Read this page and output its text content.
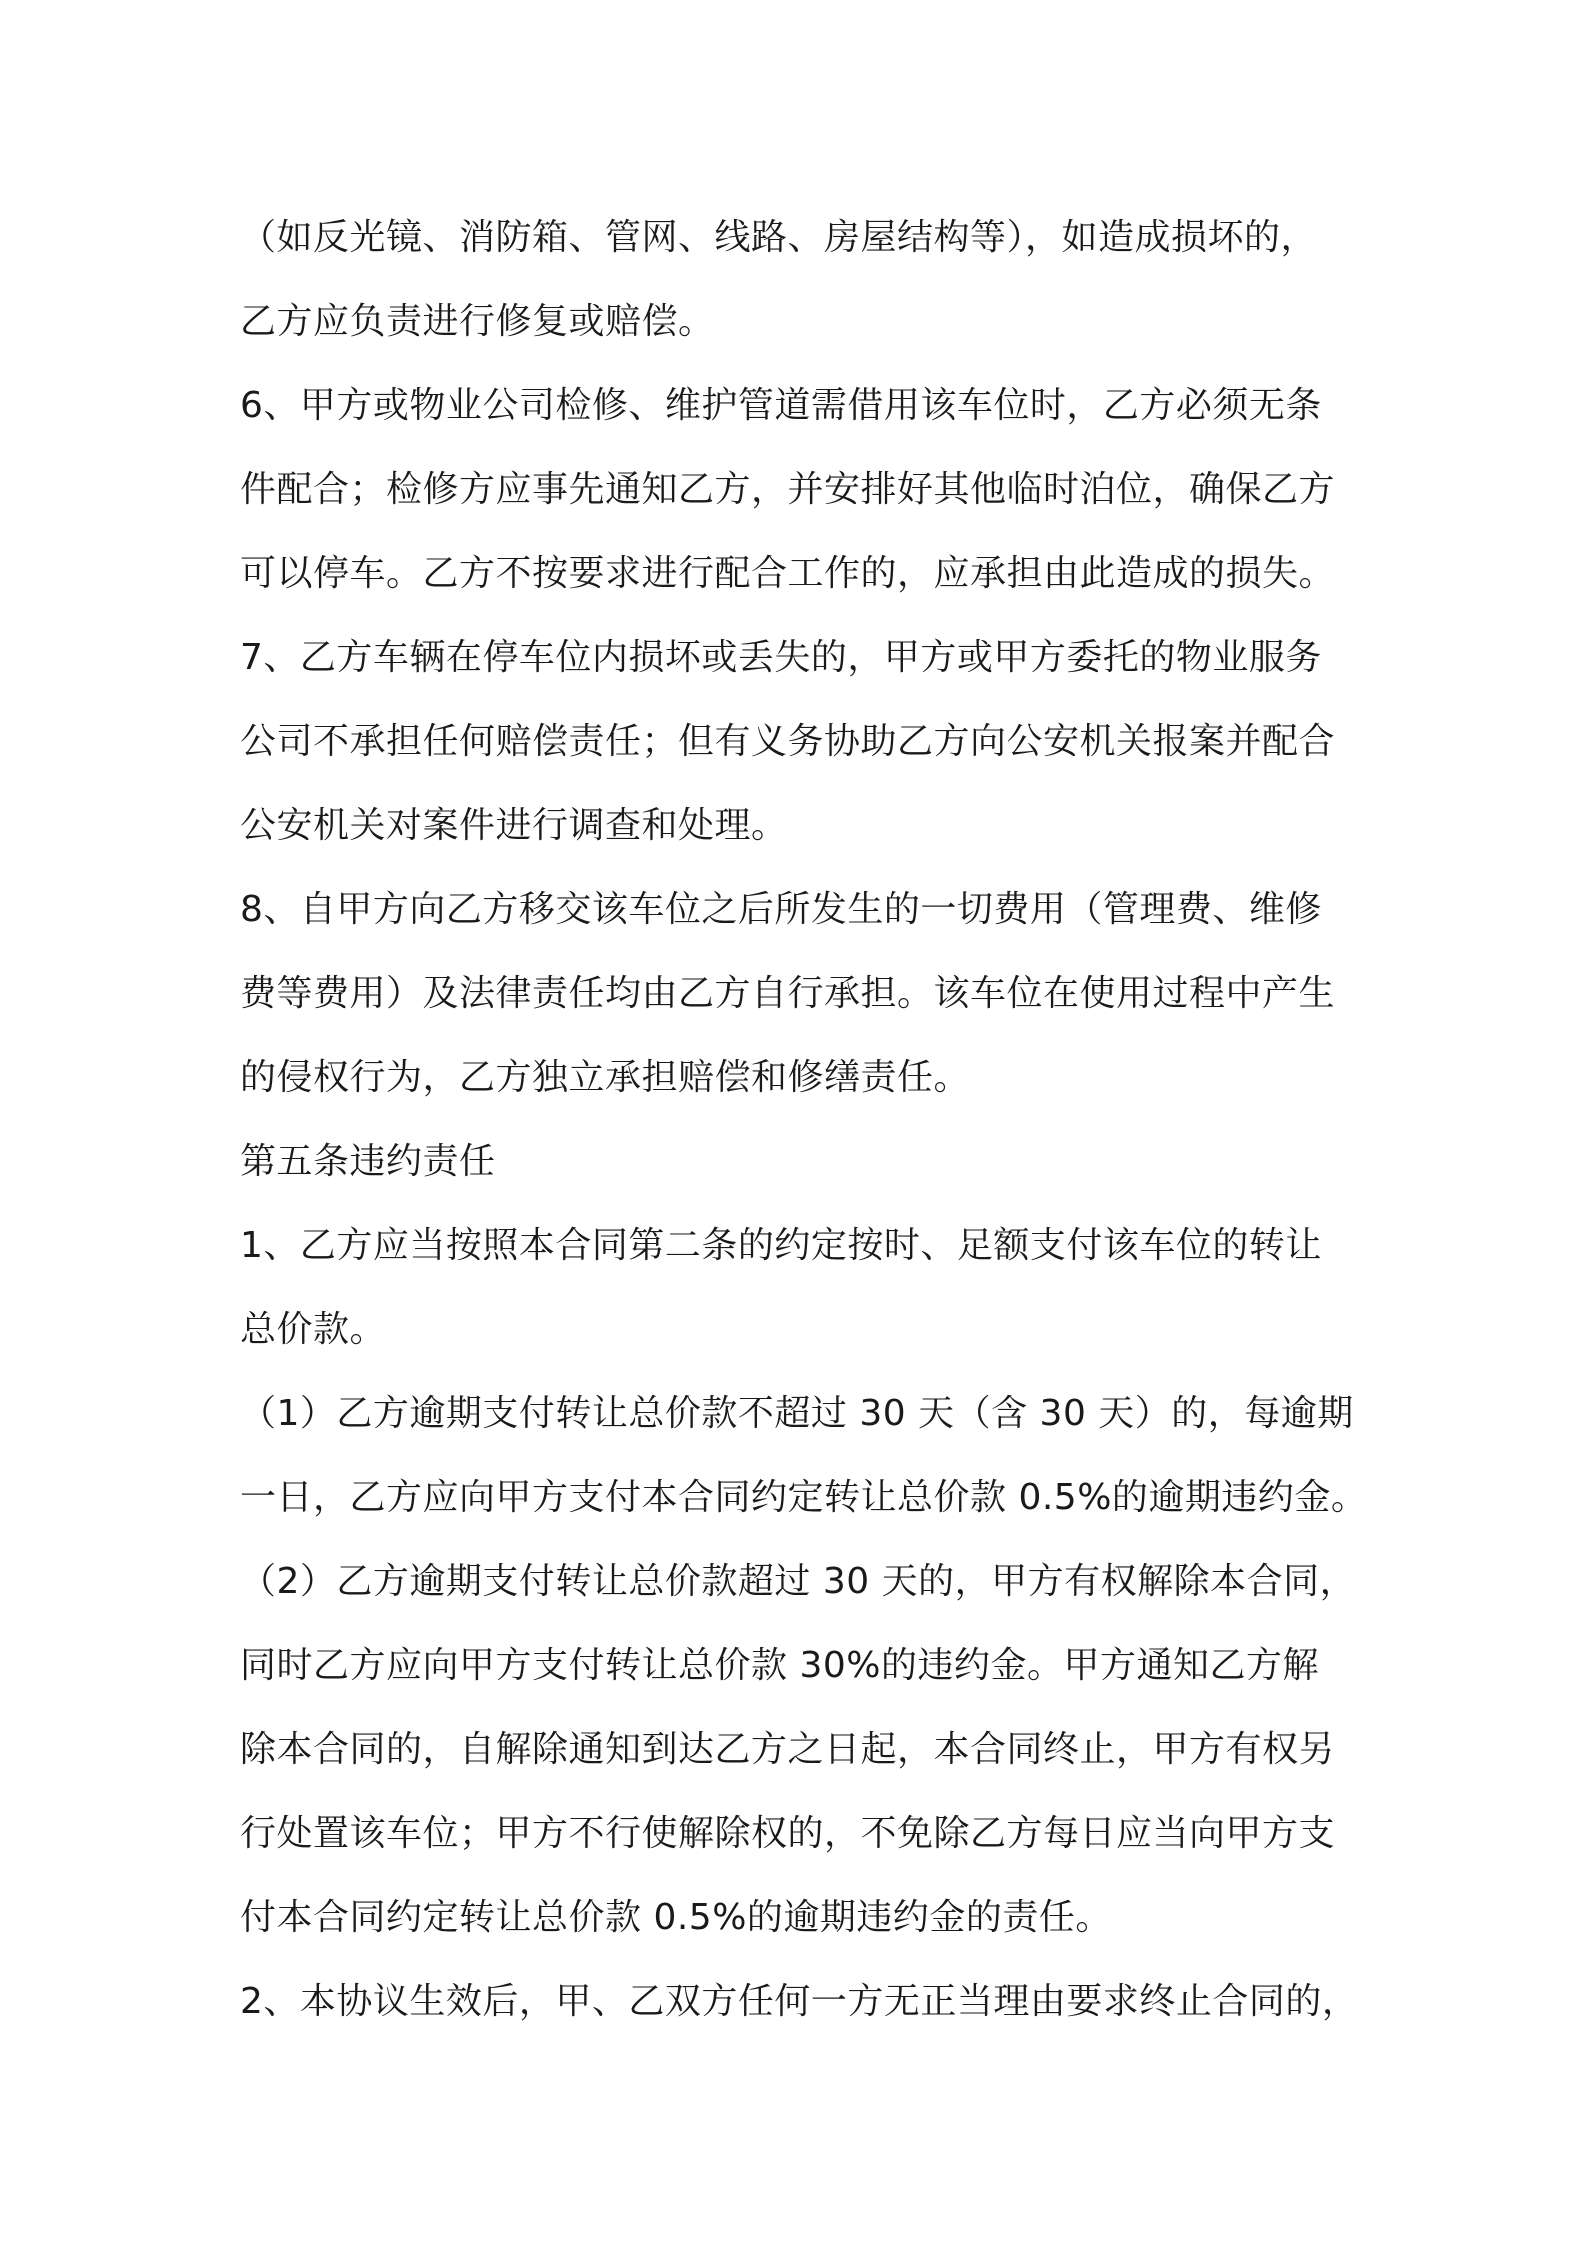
（如反光镜、消防箱、管网、线路、房屋结构等），如造成损坏的，
乙方应负责进行修复或赔偿。
6、甲方或物业公司检修、维护管道需借用该车位时，乙方必须无条
件配合；检修方应事先通知乙方，并安排好其他临时泊位，确保乙方
可以停车。乙方不按要求进行配合工作的，应承担由此造成的损失。
7、乙方车辆在停车位内损坏或丢失的，甲方或甲方委托的物业服务
公司不承担任何赔偿责任；但有义务协助乙方向公安机关报案并配合
公安机关对案件进行调查和处理。
8、自甲方向乙方移交该车位之后所发生的一切费用（管理费、维修
费等费用）及法律责任均由乙方自行承担。该车位在使用过程中产生
的侵权行为，乙方独立承担赔偿和修缮责任。
第五条违约责任
1、乙方应当按照本合同第二条的约定按时、足额支付该车位的转让
总价款。
（1）乙方逾期支付转让总价款不超过 30 天（含 30 天）的，每逾期
一日，乙方应向甲方支付本合同约定转让总价款 0.5%的逾期违约金。
（2）乙方逾期支付转让总价款超过 30 天的，甲方有权解除本合同，
同时乙方应向甲方支付转让总价款 30%的违约金。甲方通知乙方解
除本合同的，自解除通知到达乙方之日起，本合同终止，甲方有权另
行处置该车位；甲方不行使解除权的，不免除乙方每日应当向甲方支
付本合同约定转让总价款 0.5%的逾期违约金的责任。
2、本协议生效后，甲、乙双方任何一方无正当理由要求终止合同的，
